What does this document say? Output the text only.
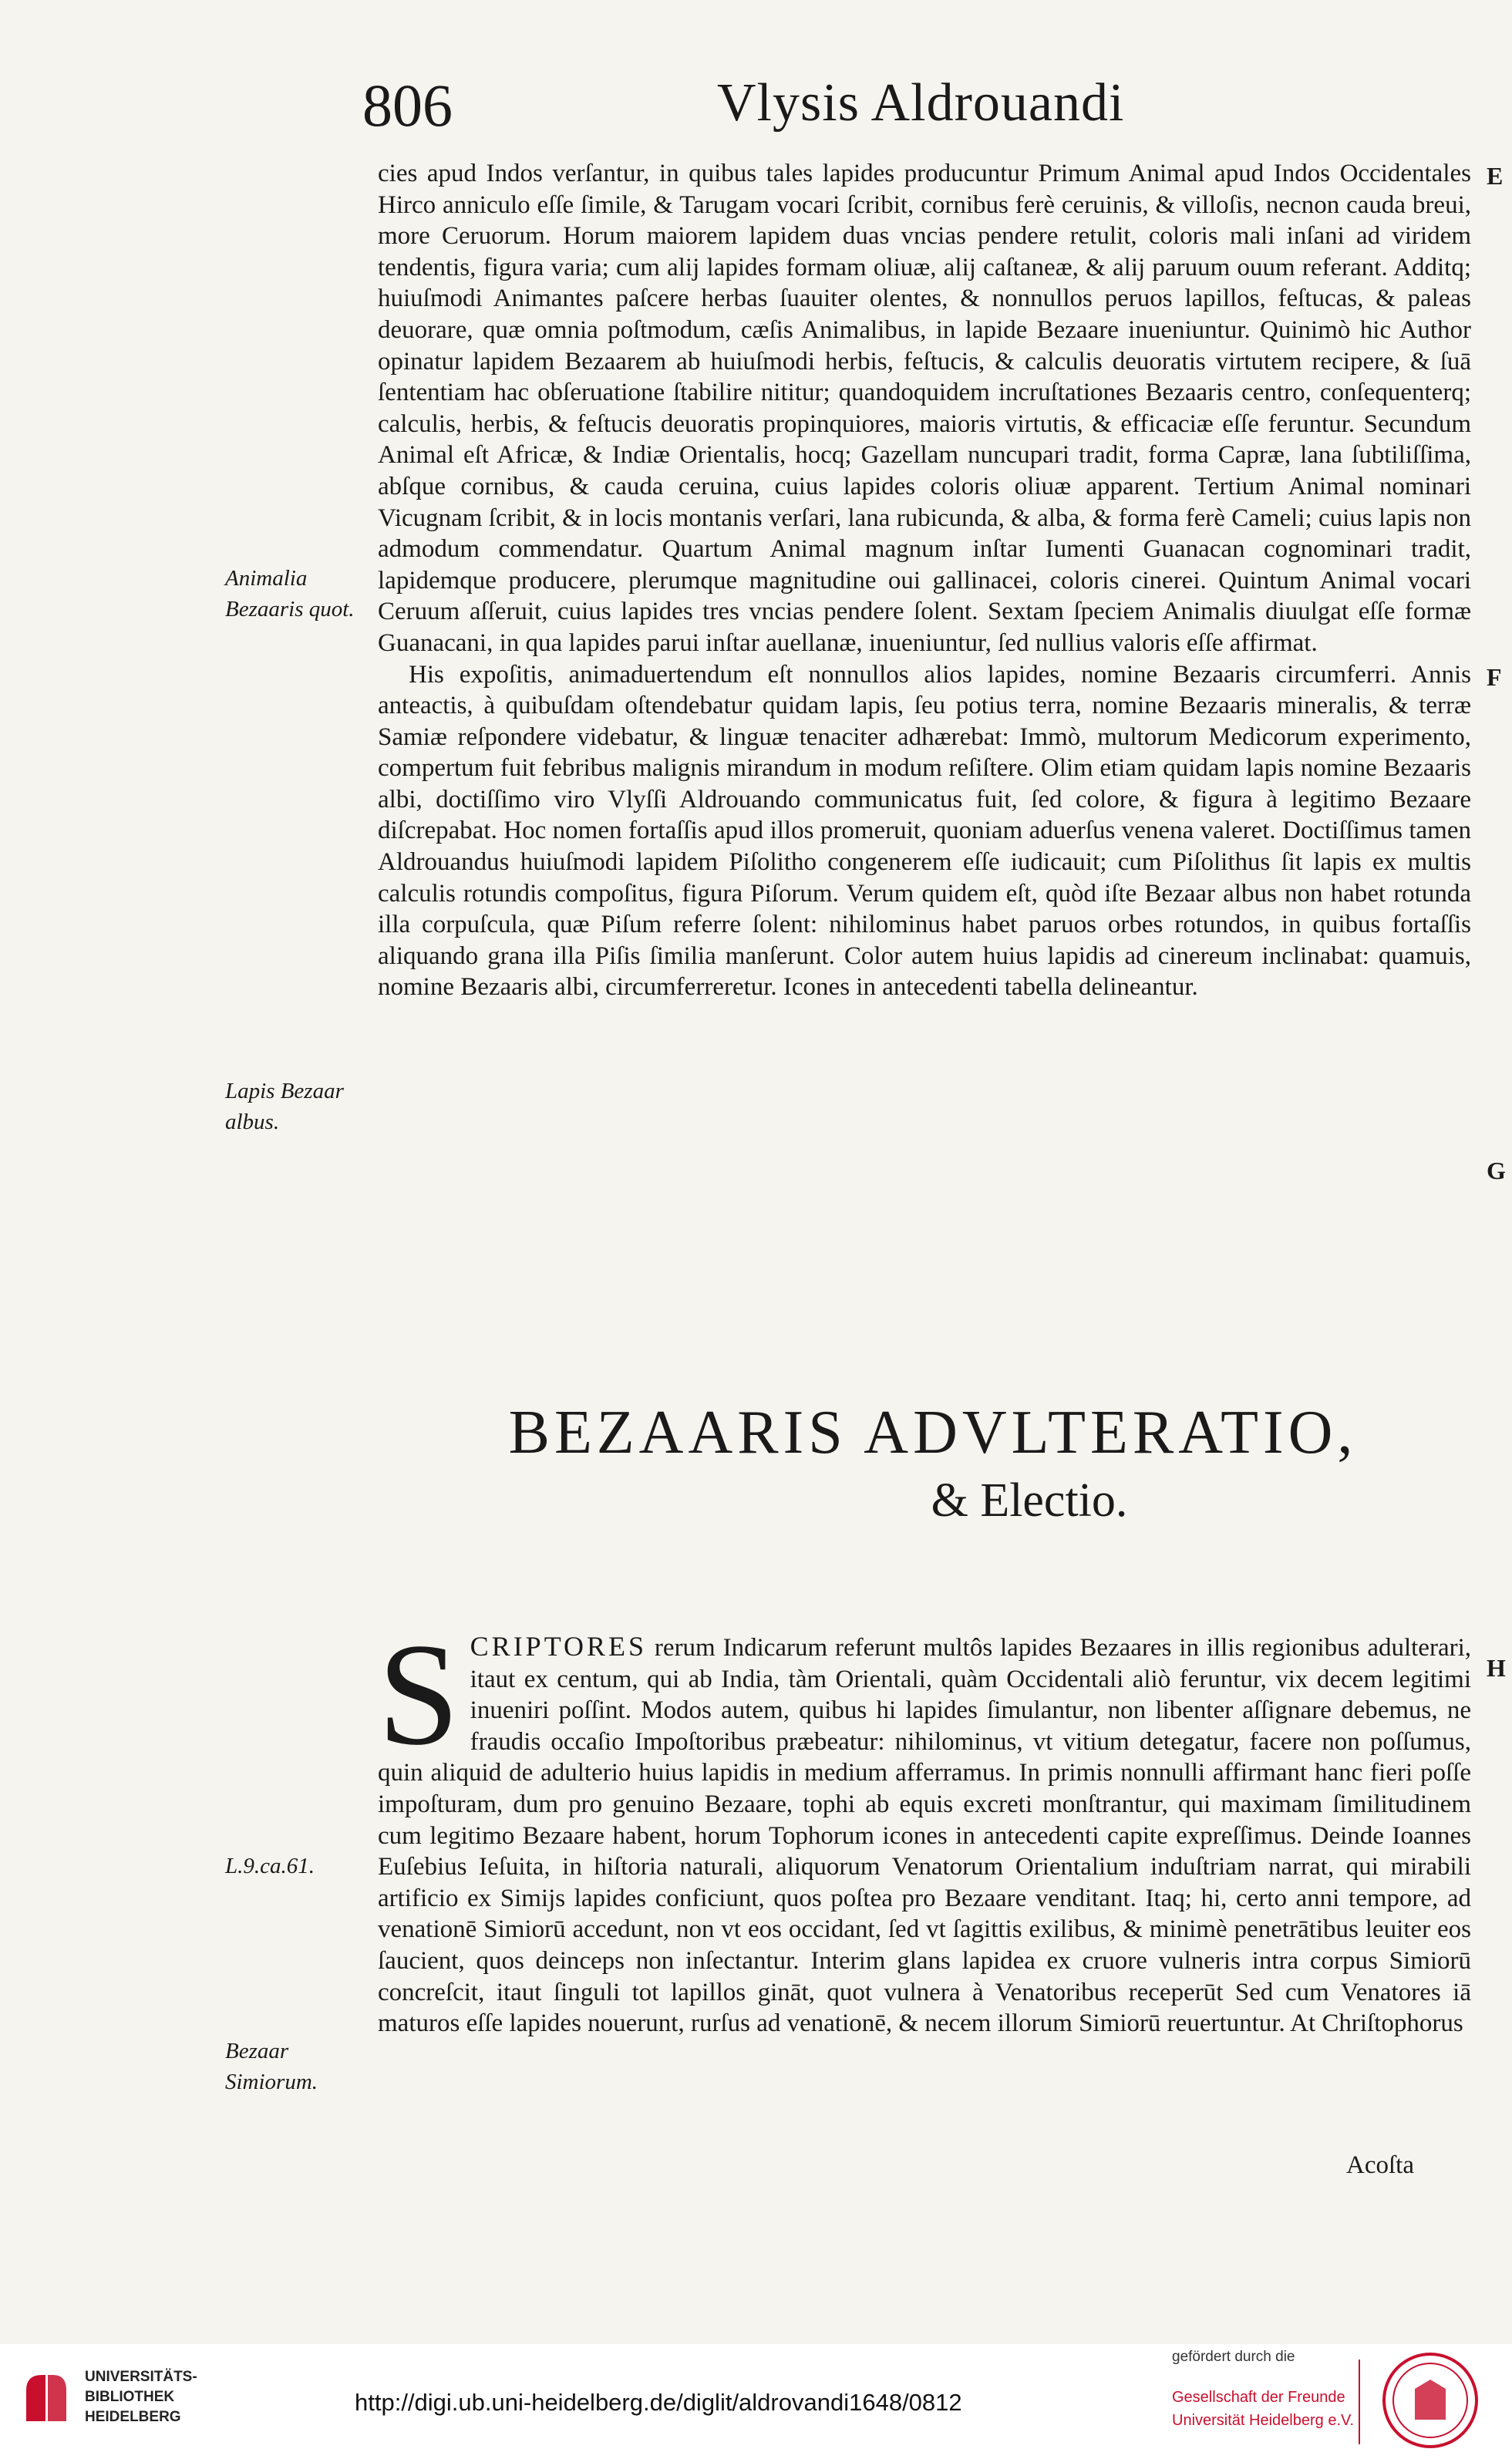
806	Vlysis Aldrouandi

cies apud Indos verſantur, in quibus tales lapides producuntur Primum Animal apud Indos Occidentales Hirco anniculo eſſe ſimile, & Tarugam vocari ſcribit, cornibus ferè ceruinis, & villoſis, necnon cauda breui, more Ceruorum. Horum maiorem lapidem duas vncias pendere retulit, coloris mali inſani ad viridem tendentis, figura varia; cum alij lapides formam oliuæ, alij caſtaneæ, & alij paruum ouum referant. Additq; huiuſmodi Animantes paſcere herbas ſuauiter olentes, & nonnullos peruos lapillos, feſtucas, & paleas deuorare, quæ omnia poſtmodum, cæſis Animalibus, in lapide Bezaare inueniuntur. Quinimò hic Author opinatur lapidem Bezaarem ab huiuſmodi herbis, feſtucis, & calculis deuoratis virtutem recipere, & ſuā ſententiam hac obſeruatione ſtabilire nititur; quandoquidem incruſtationes Bezaaris centro, conſequenterq; calculis, herbis, & feſtucis deuoratis propinquiores, maioris virtutis, & efficaciæ eſſe feruntur. Secundum Animal eſt Africæ, & Indiæ Orientalis, hocq; Gazellam nuncupari tradit, forma Capræ, lana ſubtiliſſima, abſque cornibus, & cauda ceruina, cuius lapides coloris oliuæ apparent. Tertium Animal nominari Vicugnam ſcribit, & in locis montanis verſari, lana rubicunda, & alba, & forma ferè Cameli; cuius lapis non admodum commendatur. Quartum Animal magnum inſtar Iumenti Guanacan cognominari tradit, lapidemque producere, plerumque magnitudine oui gallinacei, coloris cinerei. Quintum Animal vocari Ceruum aſſeruit, cuius lapides tres vncias pendere ſolent. Sextam ſpeciem Animalis diuulgat eſſe formæ Guanacani, in qua lapides parui inſtar auellanæ, inueniuntur, ſed nullius valoris eſſe affirmat.

His expoſitis, animaduertendum eſt nonnullos alios lapides, nomine Bezaaris circumferri. Annis anteactis, à quibuſdam oſtendebatur quidam lapis, ſeu potius terra, nomine Bezaaris mineralis, & terræ Samiæ reſpondere videbatur, & linguæ tenaciter adhærebat: Immò, multorum Medicorum experimento, compertum fuit febribus malignis mirandum in modum reſiſtere. Olim etiam quidam lapis nomine Bezaaris albi, doctiſſimo viro Vlyſſi Aldrouando communicatus fuit, ſed colore, & figura à legitimo Bezaare diſcrepabat. Hoc nomen fortaſſis apud illos promeruit, quoniam aduerſus venena valeret. Doctiſſimus tamen Aldrouandus huiuſmodi lapidem Piſolitho congenerem eſſe iudicauit; cum Piſolithus ſit lapis ex multis calculis rotundis compoſitus, figura Piſorum. Verum quidem eſt, quòd iſte Bezaar albus non habet rotunda illa corpuſcula, quæ Piſum referre ſolent: nihilominus habet paruos orbes rotundos, in quibus fortaſſis aliquando grana illa Piſis ſimilia manſerunt. Color autem huius lapidis ad cinereum inclinabat: quamuis, nomine Bezaaris albi, circumferreretur. Icones in antecedenti tabella delineantur.

BEZAARIS ADVLTERATIO,
& Electio.

SCRIPTORES rerum Indicarum referunt multôs lapides Bezaares in illis regionibus adulterari, itaut ex centum, qui ab India, tàm Orientali, quàm Occidentali aliò feruntur, vix decem legitimi inueniri poſſint. Modos autem, quibus hi lapides ſimulantur, non libenter aſſignare debemus, ne fraudis occaſio Impoſtoribus præbeatur: nihilominus, vt vitium detegatur, facere non poſſumus, quin aliquid de adulterio huius lapidis in medium afferramus. In primis nonnulli affirmant hanc fieri poſſe impoſturam, dum pro genuino Bezaare, tophi ab equis excreti monſtrantur, qui maximam ſimilitudinem cum legitimo Bezaare habent, horum Tophorum icones in antecedenti capite expreſſimus. Deinde Ioannes Euſebius Ieſuita, in hiſtoria naturali, aliquorum Venatorum Orientalium induſtriam narrat, qui mirabili artificio ex Simijs lapides conficiunt, quos poſtea pro Bezaare venditant. Itaq; hi, certo anni tempore, ad venationē Simiorū accedunt, non vt eos occidant, ſed vt ſagittis exilibus, & minimè penetrātibus leuiter eos ſaucient, quos deinceps non inſectantur. Interim glans lapidea ex cruore vulneris intra corpus Simiorū concreſcit, itaut ſinguli tot lapillos gināt, quot vulnera à Venatoribus receperūt Sed cum Venatores iā maturos eſſe lapides nouerunt, rurſus ad venationē, & necem illorum Simiorū reuertuntur. At Chriſtophorus

Acoſta
Animalia Bezaaris quot.
Lapis Bezaar albus.
L.9.ca.61.
Bezaar Simiorum.
E
F
G
H
UNIVERSITÄTS-
BIBLIOTHEK
HEIDELBERG
http://digi.ub.uni-heidelberg.de/diglit/aldrovandi1648/0812
gefördert durch die
Gesellschaft der Freunde
Universität Heidelberg e.V.
